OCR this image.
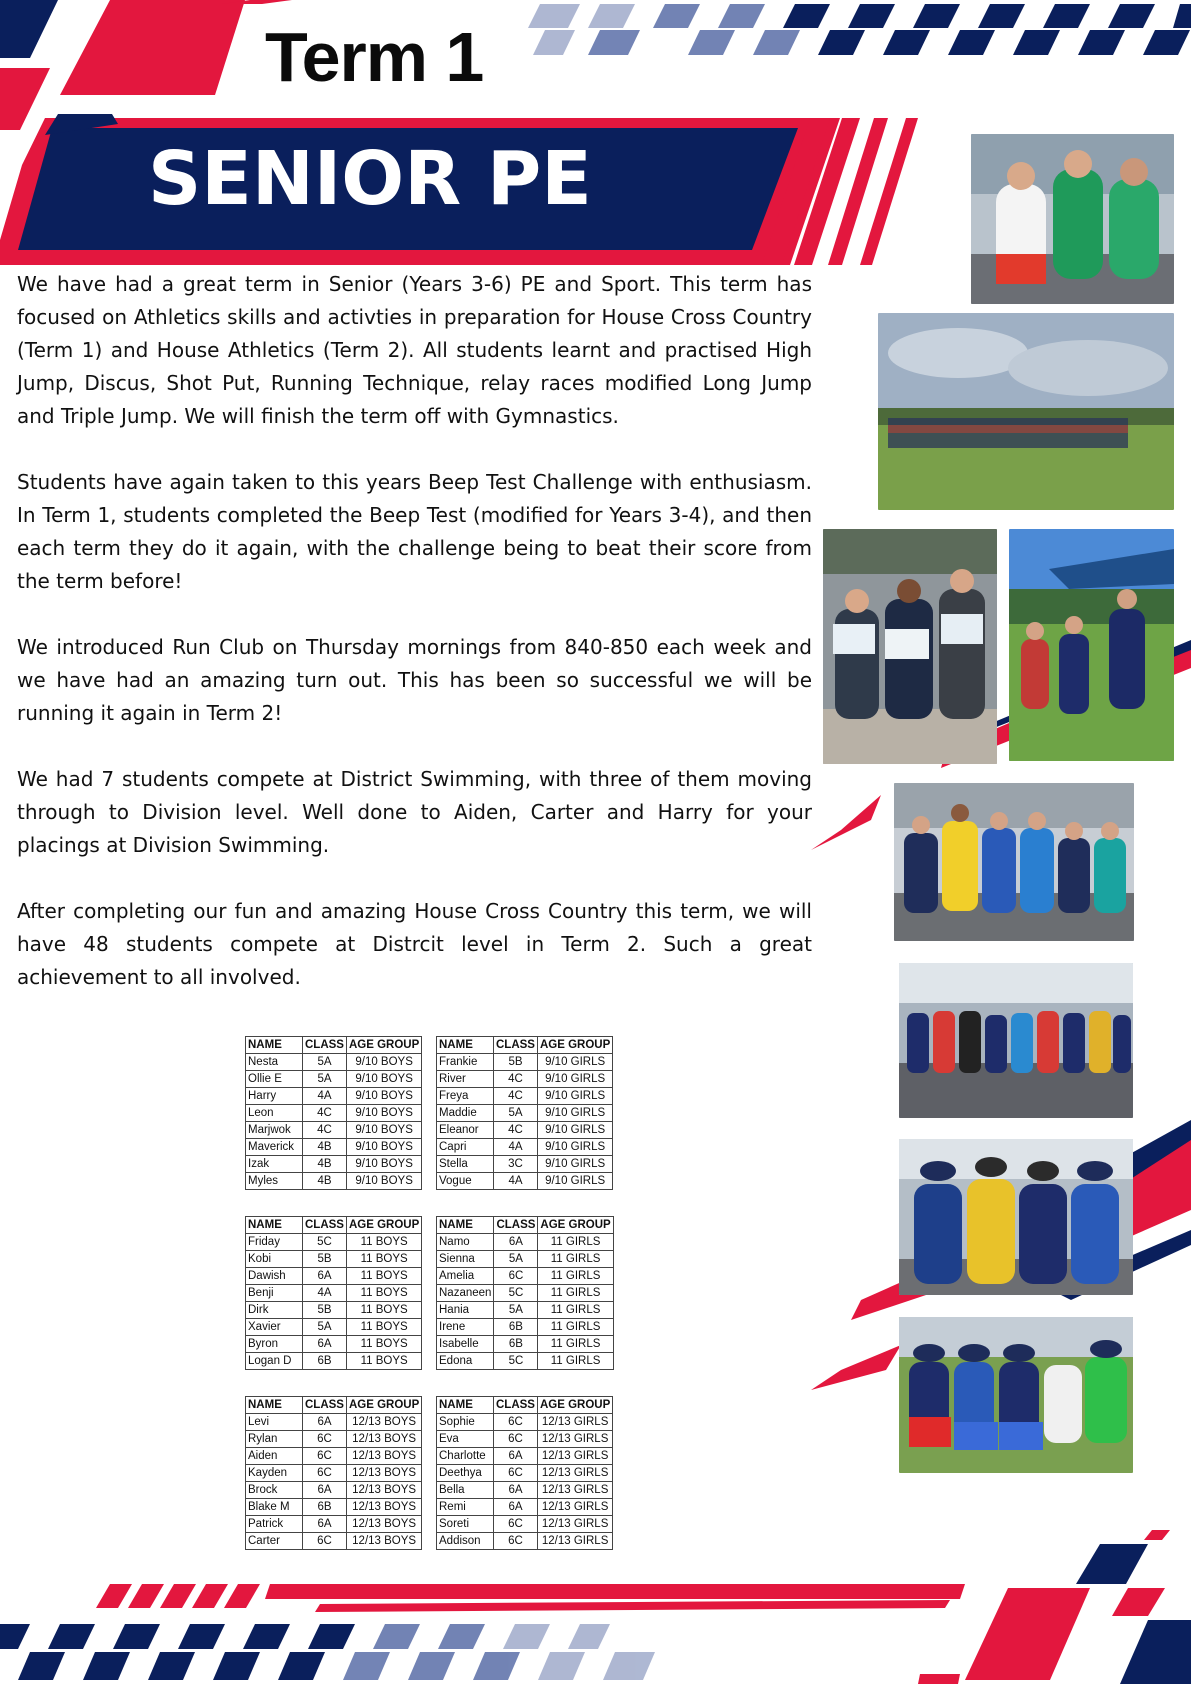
Term 1
SENIOR PE

We have had a great term in Senior (Years 3-6) PE and Sport. This term has focused on Athletics skills and activties in preparation for House Cross Country (Term 1) and House Athletics (Term 2). All students learnt and practised High Jump, Discus, Shot Put, Running Technique, relay races modified Long Jump and Triple Jump. We will finish the term off with Gymnastics.

Students have again taken to this years Beep Test Challenge with enthusiasm. In Term 1, students completed the Beep Test (modified for Years 3-4), and then each term they do it again, with the challenge being to beat their score from the term before!

We introduced Run Club on Thursday mornings from 840-850 each week and we have had an amazing turn out. This has been so successful we will be running it again in Term 2!

We had 7 students compete at District Swimming, with three of them moving through to Division level. Well done to Aiden, Carter and Harry for your placings at Division Swimming.

After completing our fun and amazing House Cross Country this term, we will have 48 students compete at Distrcit level in Term 2. Such a great achievement to all involved.

NAME	CLASS	AGE GROUP
Nesta	5A	9/10 BOYS
Ollie E	5A	9/10 BOYS
Harry	4A	9/10 BOYS
Leon	4C	9/10 BOYS
Marjwok	4C	9/10 BOYS
Maverick	4B	9/10 BOYS
Izak	4B	9/10 BOYS
Myles	4B	9/10 BOYS
NAME	CLASS	AGE GROUP
Frankie	5B	9/10 GIRLS
River	4C	9/10 GIRLS
Freya	4C	9/10 GIRLS
Maddie	5A	9/10 GIRLS
Eleanor	4C	9/10 GIRLS
Capri	4A	9/10 GIRLS
Stella	3C	9/10 GIRLS
Vogue	4A	9/10 GIRLS
NAME	CLASS	AGE GROUP
Friday	5C	11 BOYS
Kobi	5B	11 BOYS
Dawish	6A	11 BOYS
Benji	4A	11 BOYS
Dirk	5B	11 BOYS
Xavier	5A	11 BOYS
Byron	6A	11 BOYS
Logan D	6B	11 BOYS
NAME	CLASS	AGE GROUP
Namo	6A	11 GIRLS
Sienna	5A	11 GIRLS
Amelia	6C	11 GIRLS
Nazaneen	5C	11 GIRLS
Hania	5A	11 GIRLS
Irene	6B	11 GIRLS
Isabelle	6B	11 GIRLS
Edona	5C	11 GIRLS
NAME	CLASS	AGE GROUP
Levi	6A	12/13 BOYS
Rylan	6C	12/13 BOYS
Aiden	6C	12/13 BOYS
Kayden	6C	12/13 BOYS
Brock	6A	12/13 BOYS
Blake M	6B	12/13 BOYS
Patrick	6A	12/13 BOYS
Carter	6C	12/13 BOYS
NAME	CLASS	AGE GROUP
Sophie	6C	12/13 GIRLS
Eva	6C	12/13 GIRLS
Charlotte	6A	12/13 GIRLS
Deethya	6C	12/13 GIRLS
Bella	6A	12/13 GIRLS
Remi	6A	12/13 GIRLS
Soreti	6C	12/13 GIRLS
Addison	6C	12/13 GIRLS
